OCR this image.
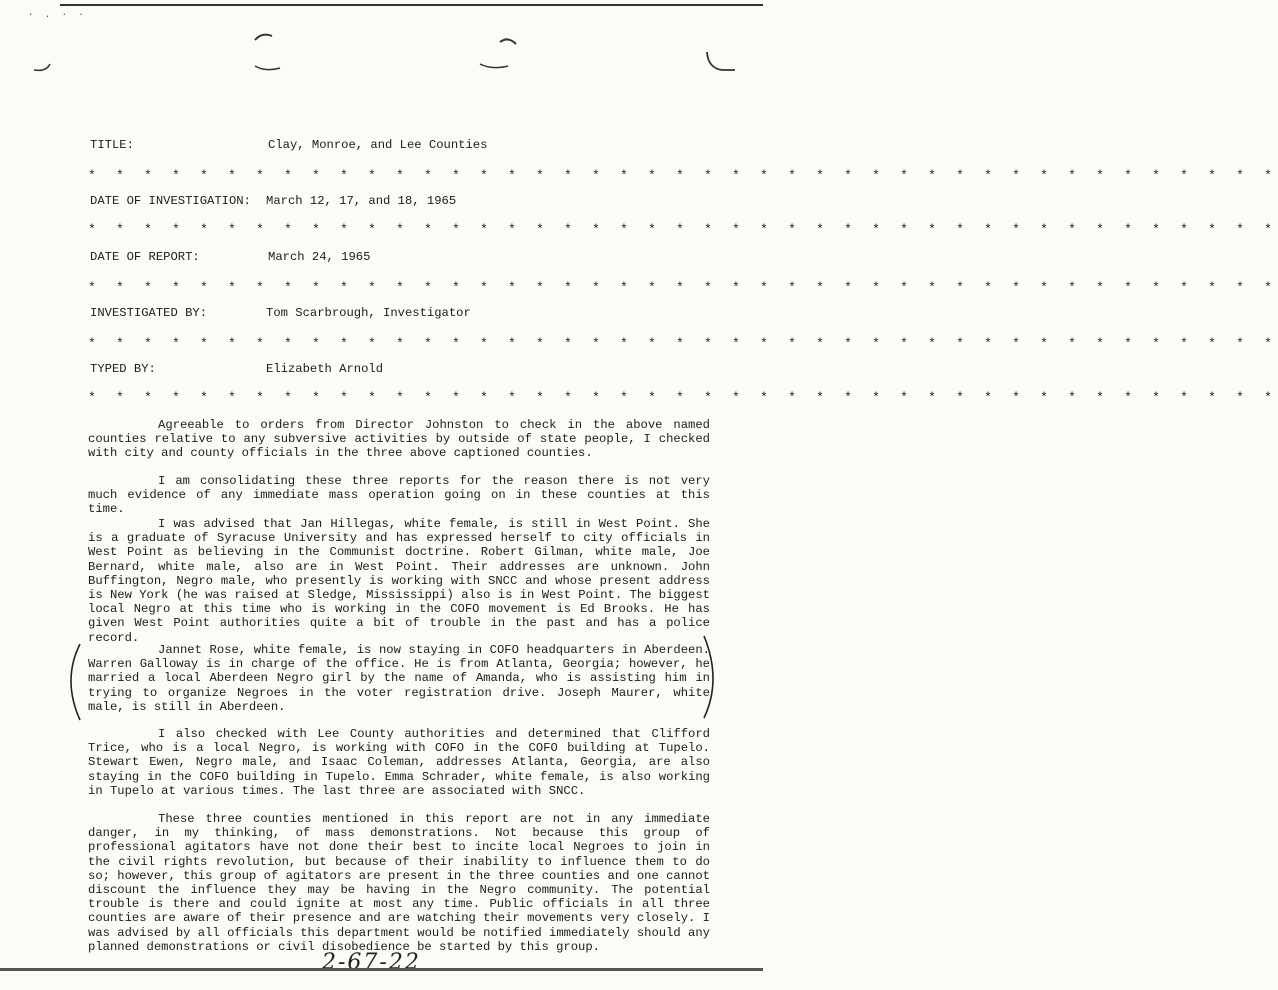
· . · ·
TITLE:	Clay, Monroe, and Lee Counties
* * * * * * * * * * * * * * * * * * * * * * * * * * * * * * * * * * * * * * * * * * *
DATE OF INVESTIGATION: March 12, 17, and 18, 1965
* * * * * * * * * * * * * * * * * * * * * * * * * * * * * * * * * * * * * * * * * * *
DATE OF REPORT:	March 24, 1965
* * * * * * * * * * * * * * * * * * * * * * * * * * * * * * * * * * * * * * * * * * *
INVESTIGATED BY:	Tom Scarbrough, Investigator
* * * * * * * * * * * * * * * * * * * * * * * * * * * * * * * * * * * * * * * * * * *
TYPED BY:	Elizabeth Arnold
* * * * * * * * * * * * * * * * * * * * * * * * * * * * * * * * * * * * * * * * * * *
Agreeable to orders from Director Johnston to check in the above named counties relative to any subversive activities by outside of state people, I checked with city and county officials in the three above captioned counties.
I am consolidating these three reports for the reason there is not very much evidence of any immediate mass operation going on in these counties at this time.
I was advised that Jan Hillegas, white female, is still in West Point. She is a graduate of Syracuse University and has expressed herself to city officials in West Point as believing in the Communist doctrine. Robert Gilman, white male, Joe Bernard, white male, also are in West Point. Their addresses are unknown. John Buffington, Negro male, who presently is working with SNCC and whose present address is New York (he was raised at Sledge, Mississippi) also is in West Point. The biggest local Negro at this time who is working in the COFO movement is Ed Brooks. He has given West Point authorities quite a bit of trouble in the past and has a police record.
Jannet Rose, white female, is now staying in COFO headquarters in Aberdeen. Warren Galloway is in charge of the office. He is from Atlanta, Georgia; however, he married a local Aberdeen Negro girl by the name of Amanda, who is assisting him in trying to organize Negroes in the voter registration drive. Joseph Maurer, white male, is still in Aberdeen.
I also checked with Lee County authorities and determined that Clifford Trice, who is a local Negro, is working with COFO in the COFO building at Tupelo. Stewart Ewen, Negro male, and Isaac Coleman, addresses Atlanta, Georgia, are also staying in the COFO building in Tupelo. Emma Schrader, white female, is also working in Tupelo at various times. The last three are associated with SNCC.
These three counties mentioned in this report are not in any immediate danger, in my thinking, of mass demonstrations. Not because this group of professional agitators have not done their best to incite local Negroes to join in the civil rights revolution, but because of their inability to influence them to do so; however, this group of agitators are present in the three counties and one cannot discount the influence they may be having in the Negro community. The potential trouble is there and could ignite at most any time. Public officials in all three counties are aware of their presence and are watching their movements very closely. I was advised by all officials this department would be notified immediately should any planned demonstrations or civil disobedience be started by this group.
2-67-22
